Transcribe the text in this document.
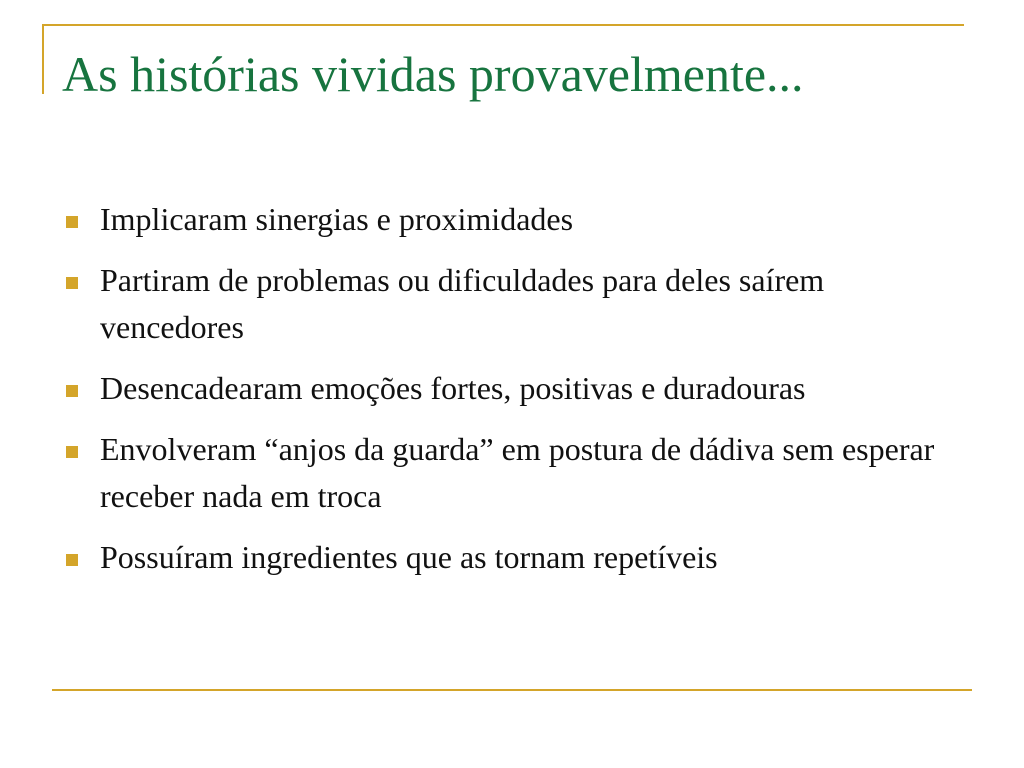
As histórias vividas provavelmente...
Implicaram sinergias e proximidades
Partiram de problemas ou dificuldades para deles saírem vencedores
Desencadearam emoções fortes, positivas e duradouras
Envolveram “anjos da guarda” em postura de dádiva sem esperar receber nada em troca
Possuíram ingredientes que as tornam repetíveis
